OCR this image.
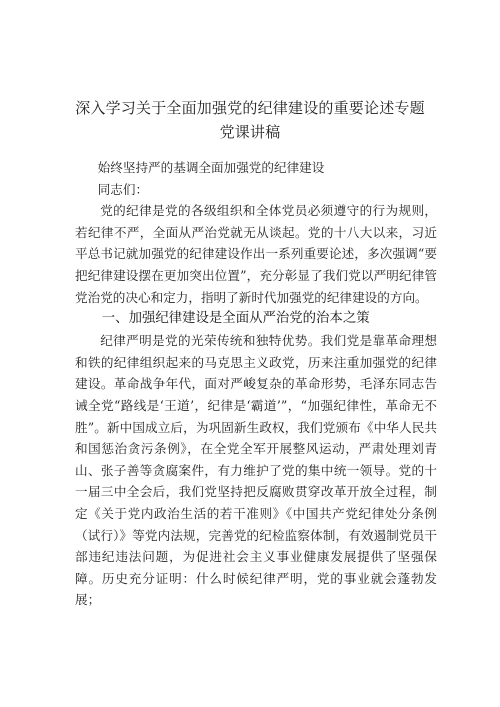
深入学习关于全面加强党的纪律建设的重要论述专题
党课讲稿

始终坚持严的基调全面加强党的纪律建设

同志们：

党的纪律是党的各级组织和全体党员必须遵守的行为规则，若纪律不严，全面从严治党就无从谈起。党的十八大以来，习近平总书记就加强党的纪律建设作出一系列重要论述，多次强调“要把纪律建设摆在更加突出位置”，充分彰显了我们党以严明纪律管党治党的决心和定力，指明了新时代加强党的纪律建设的方向。

一、加强纪律建设是全面从严治党的治本之策

纪律严明是党的光荣传统和独特优势。我们党是靠革命理想和铁的纪律组织起来的马克思主义政党，历来注重加强党的纪律建设。革命战争年代，面对严峻复杂的革命形势，毛泽东同志告诫全党“路线是‘王道’，纪律是‘霸道’”，“加强纪律性，革命无不胜”。新中国成立后，为巩固新生政权，我们党颁布《中华人民共和国惩治贪污条例》，在全党全军开展整风运动，严肃处理刘青山、张子善等贪腐案件，有力维护了党的集中统一领导。党的十一届三中全会后，我们党坚持把反腐败贯穿改革开放全过程，制定《关于党内政治生活的若干准则》《中国共产党纪律处分条例（试行）》等党内法规，完善党的纪检监察体制，有效遏制党员干部违纪违法问题，为促进社会主义事业健康发展提供了坚强保障。历史充分证明：什么时候纪律严明，党的事业就会蓬勃发展；
